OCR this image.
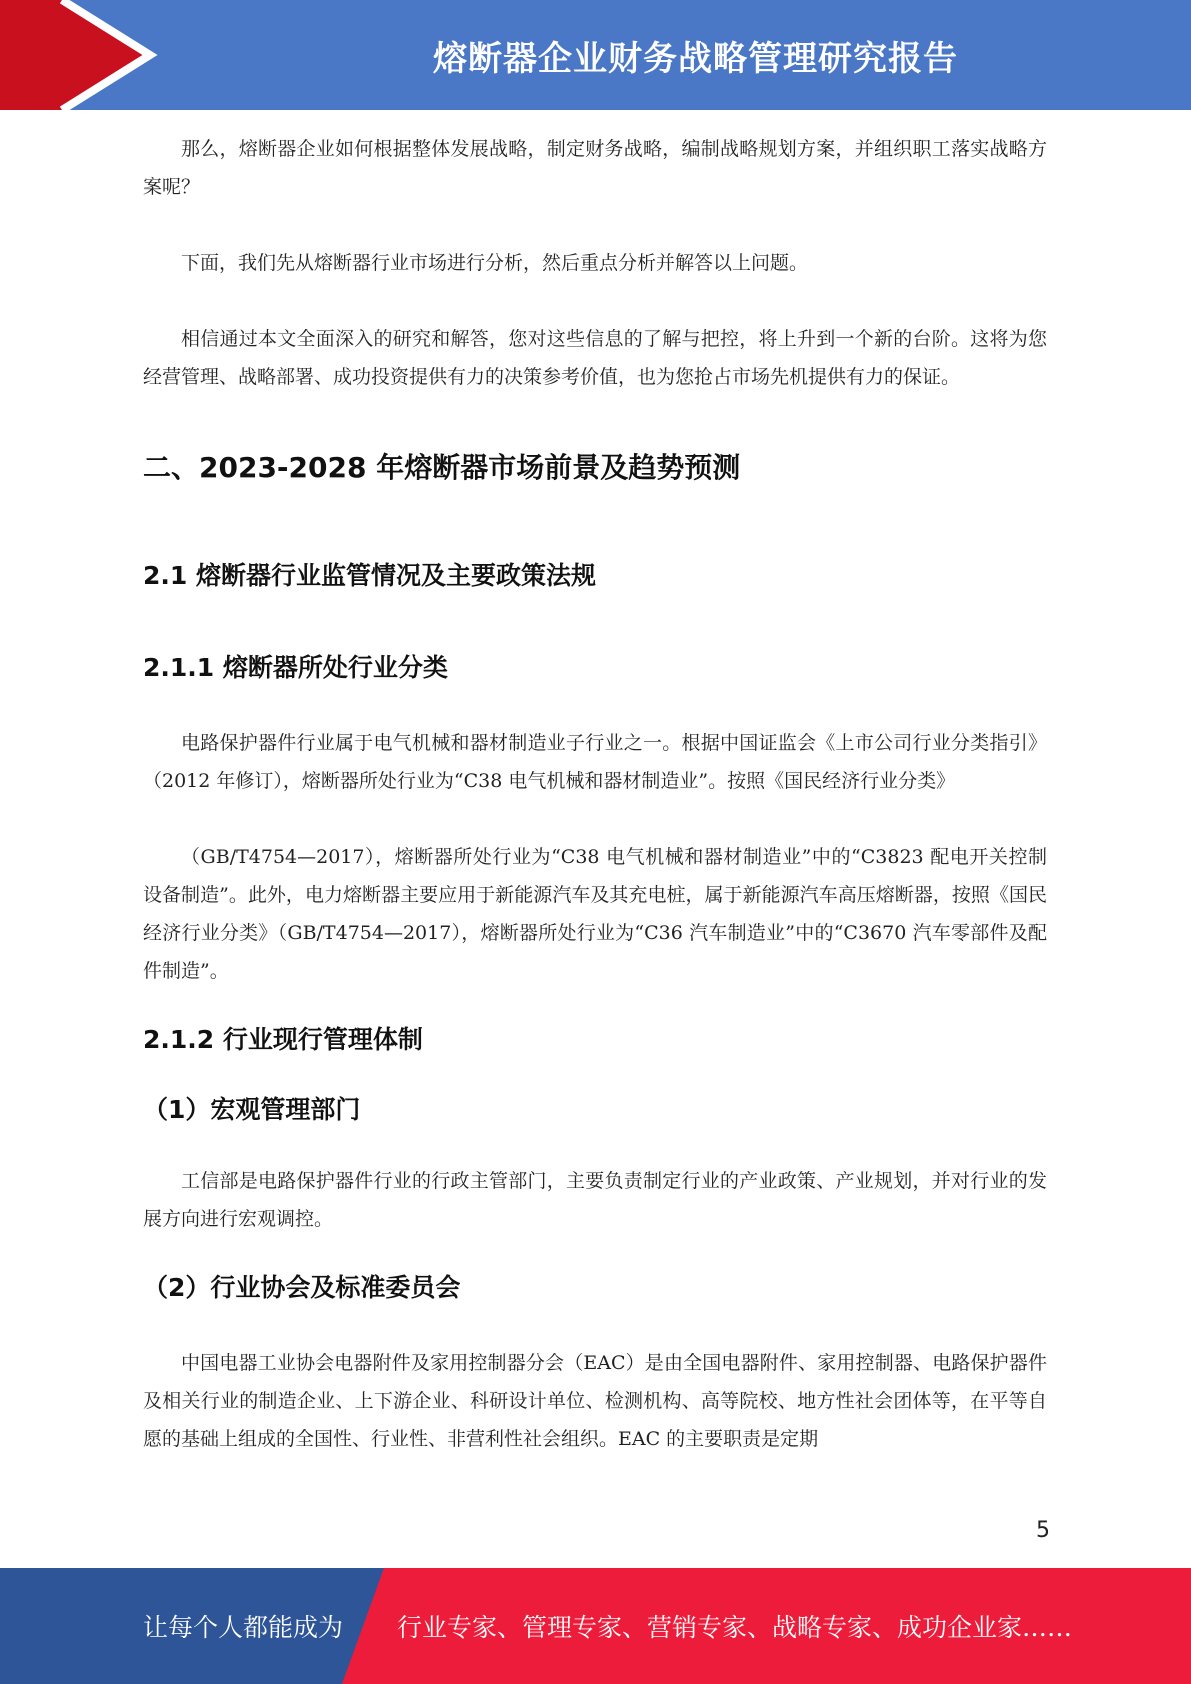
熔断器企业财务战略管理研究报告

那么，熔断器企业如何根据整体发展战略，制定财务战略，编制战略规划方案，并组织职工落实战略方案呢？

下面，我们先从熔断器行业市场进行分析，然后重点分析并解答以上问题。

相信通过本文全面深入的研究和解答，您对这些信息的了解与把控，将上升到一个新的台阶。这将为您经营管理、战略部署、成功投资提供有力的决策参考价值，也为您抢占市场先机提供有力的保证。

二、2023-2028 年熔断器市场前景及趋势预测
2.1 熔断器行业监管情况及主要政策法规
2.1.1 熔断器所处行业分类

电路保护器件行业属于电气机械和器材制造业子行业之一。根据中国证监会《上市公司行业分类指引》（2012 年修订），熔断器所处行业为“C38 电气机械和器材制造业”。按照《国民经济行业分类》

（GB/T4754—2017），熔断器所处行业为“C38 电气机械和器材制造业”中的“C3823 配电开关控制设备制造”。此外，电力熔断器主要应用于新能源汽车及其充电桩，属于新能源汽车高压熔断器，按照《国民经济行业分类》（GB/T4754—2017），熔断器所处行业为“C36 汽车制造业”中的“C3670 汽车零部件及配件制造”。

2.1.2 行业现行管理体制
（1）宏观管理部门

工信部是电路保护器件行业的行政主管部门，主要负责制定行业的产业政策、产业规划，并对行业的发展方向进行宏观调控。

（2）行业协会及标准委员会

中国电器工业协会电器附件及家用控制器分会（EAC）是由全国电器附件、家用控制器、电路保护器件及相关行业的制造企业、上下游企业、科研设计单位、检测机构、高等院校、地方性社会团体等，在平等自愿的基础上组成的全国性、行业性、非营利性社会组织。EAC 的主要职责是定期

5
让每个人都能成为 行业专家、管理专家、营销专家、战略专家、成功企业家……
